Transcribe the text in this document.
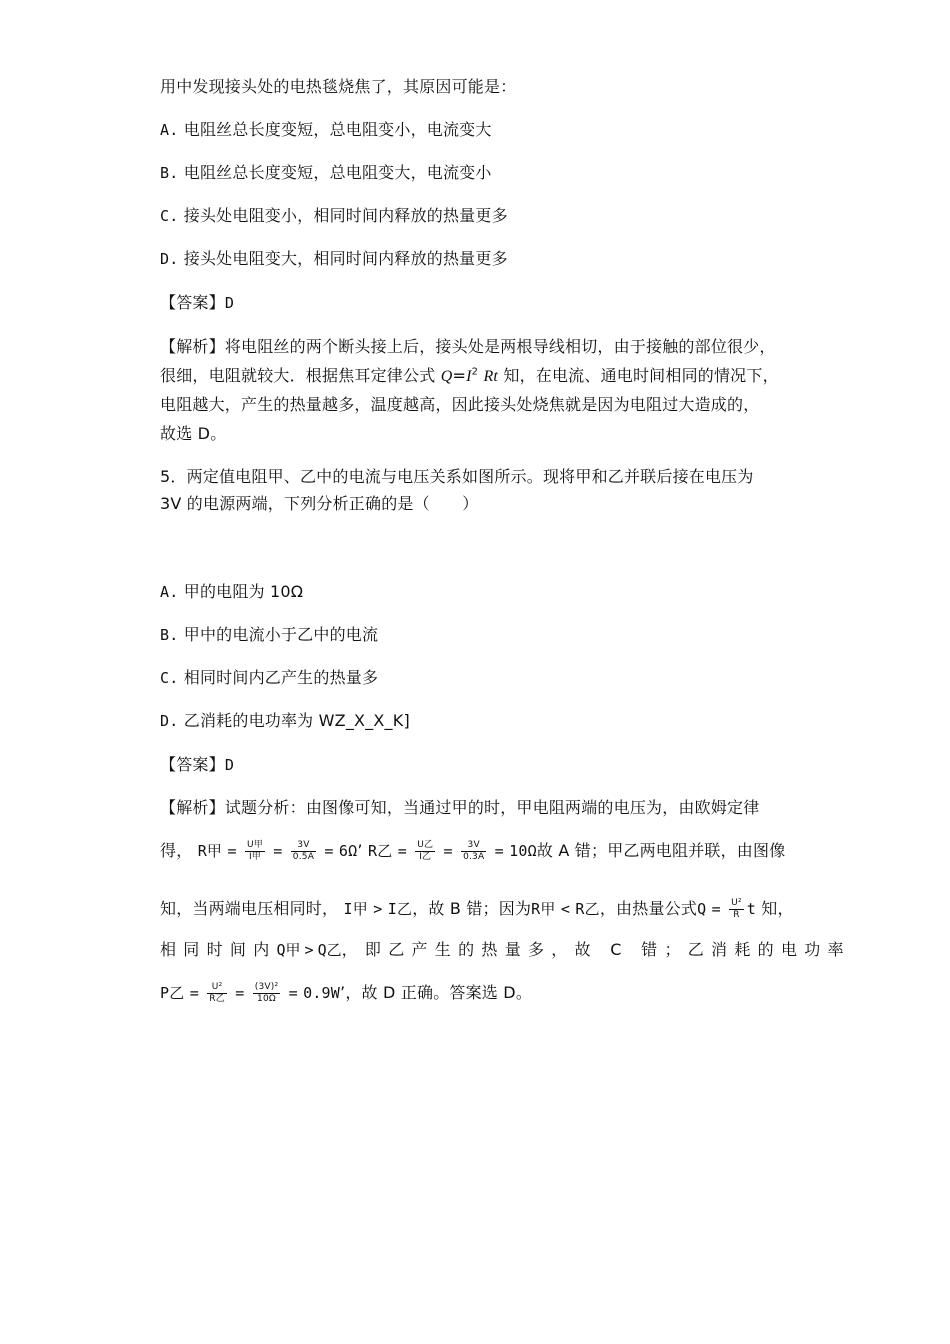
用中发现接头处的电热毯烧焦了，其原因可能是：
A. 电阻丝总长度变短，总电阻变小，电流变大
B. 电阻丝总长度变短，总电阻变大，电流变小
C. 接头处电阻变小，相同时间内释放的热量更多
D. 接头处电阻变大，相同时间内释放的热量更多
【答案】D
【解析】将电阻丝的两个断头接上后，接头处是两根导线相切，由于接触的部位很少，
很细，电阻就较大．根据焦耳定律公式 $Q=I^2$ Rt 知，在电流、通电时间相同的情况下，
电阻越大，产生的热量越多，温度越高，因此接头处烧焦就是因为电阻过大造成的，
故选 D。
5．两定值电阻甲、乙中的电流与电压关系如图所示。现将甲和乙并联后接在电压为
3V 的电源两端，下列分析正确的是（　　）
A. 甲的电阻为 10Ω
B. 甲中的电流小于乙中的电流
C. 相同时间内乙产生的热量多
D. 乙消耗的电功率为 WZ_X_X_K]
【答案】D
【解析】试题分析：由图像可知，当通过甲的时，甲电阻两端的电压为，由欧姆定律
得， R甲 = $\frac{\text{U甲}}{\text{I甲}} = \frac{3V}{0.5A} = 6\Omega$’ R乙 = $\frac{\text{U乙}}{\text{I乙}} = \frac{3V}{0.3A} = 10\Omega$故 A 错；甲乙两电阻并联，由图像
知，当两端电压相同时， I甲 > I乙，故 B 错；因为R甲 < R乙，由热量公式$Q = \frac{\text{U²}}{R}$ t 知，
相同时间内Q甲 > Q乙，即乙产生的热量多，故 C 错；乙消耗的电功率
P乙 = $\frac{\text{U²}}{\text{R乙}} = \frac{\text{(3V)²}}{10\Omega} = 0.9W$’，故 D 正确。答案选 D。
